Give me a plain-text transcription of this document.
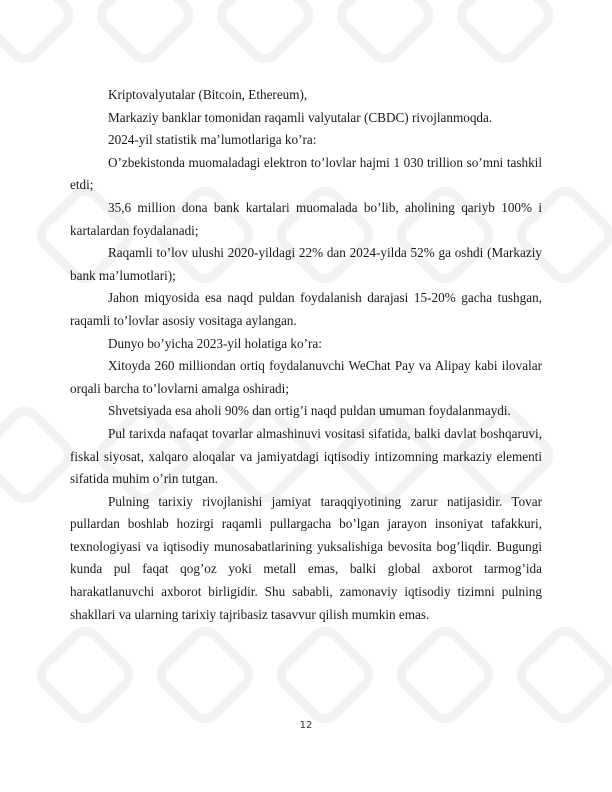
Kriptovalyutalar (Bitcoin, Ethereum),

Markaziy banklar tomonidan raqamli valyutalar (CBDC) rivojlanmoqda.

2024-yil statistik ma’lumotlariga ko’ra:

O’zbekistonda muomaladagi elektron to’lovlar hajmi 1 030 trillion so’mni tashkil etdi;

35,6 million dona bank kartalari muomalada bo’lib, aholining qariyb 100% i kartalardan foydalanadi;

Raqamli to’lov ulushi 2020-yildagi 22% dan 2024-yilda 52% ga oshdi (Markaziy bank ma’lumotlari);

Jahon miqyosida esa naqd puldan foydalanish darajasi 15-20% gacha tushgan, raqamli to’lovlar asosiy vositaga aylangan.

Dunyo bo’yicha 2023-yil holatiga ko’ra:

Xitoyda 260 milliondan ortiq foydalanuvchi WeChat Pay va Alipay kabi ilovalar orqali barcha to’lovlarni amalga oshiradi;

Shvetsiyada esa aholi 90% dan ortig’i naqd puldan umuman foydalanmaydi.

Pul tarixda nafaqat tovarlar almashinuvi vositasi sifatida, balki davlat boshqaruvi, fiskal siyosat, xalqaro aloqalar va jamiyatdagi iqtisodiy intizomning markaziy elementi sifatida muhim o’rin tutgan.

Pulning tarixiy rivojlanishi jamiyat taraqqiyotining zarur natijasidir. Tovar pullardan boshlab hozirgi raqamli pullargacha bo’lgan jarayon insoniyat tafakkuri, texnologiyasi va iqtisodiy munosabatlarining yuksalishiga bevosita bog’liqdir. Bugungi kunda pul faqat qog’oz yoki metall emas, balki global axborot tarmog’ida harakatlanuvchi axborot birligidir. Shu sababli, zamonaviy iqtisodiy tizimni pulning shakllari va ularning tarixiy tajribasiz tasavvur qilish mumkin emas.

12
